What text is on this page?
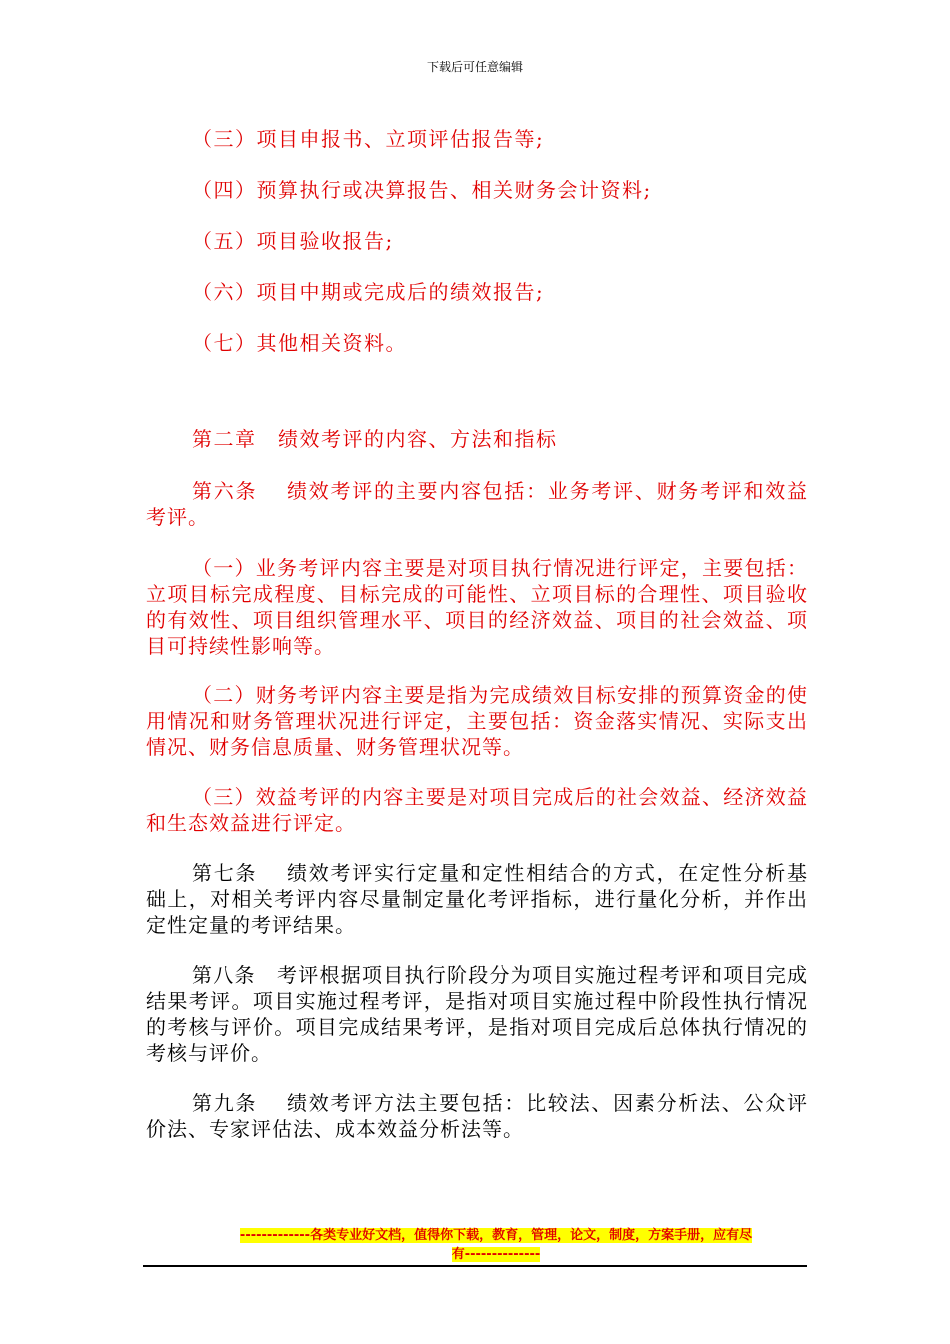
下载后可任意编辑
（三）项目申报书、立项评估报告等;
（四）预算执行或决算报告、相关财务会计资料;
（五）项目验收报告;
（六）项目中期或完成后的绩效报告;
（七）其他相关资料。
第二章　绩效考评的内容、方法和指标
第六条　 绩效考评的主要内容包括：业务考评、财务考评和效益考评。
（一）业务考评内容主要是对项目执行情况进行评定，主要包括：立项目标完成程度、目标完成的可能性、立项目标的合理性、项目验收的有效性、项目组织管理水平、项目的经济效益、项目的社会效益、项目可持续性影响等。
（二）财务考评内容主要是指为完成绩效目标安排的预算资金的使用情况和财务管理状况进行评定，主要包括：资金落实情况、实际支出情况、财务信息质量、财务管理状况等。
（三）效益考评的内容主要是对项目完成后的社会效益、经济效益和生态效益进行评定。
第七条　 绩效考评实行定量和定性相结合的方式，在定性分析基础上，对相关考评内容尽量制定量化考评指标，进行量化分析，并作出定性定量的考评结果。
第八条　考评根据项目执行阶段分为项目实施过程考评和项目完成结果考评。项目实施过程考评，是指对项目实施过程中阶段性执行情况的考核与评价。项目完成结果考评，是指对项目完成后总体执行情况的考核与评价。
第九条　 绩效考评方法主要包括：比较法、因素分析法、公众评价法、专家评估法、成本效益分析法等。
-------------各类专业好文档，值得你下载，教育，管理，论文，制度，方案手册，应有尽
有--------------
